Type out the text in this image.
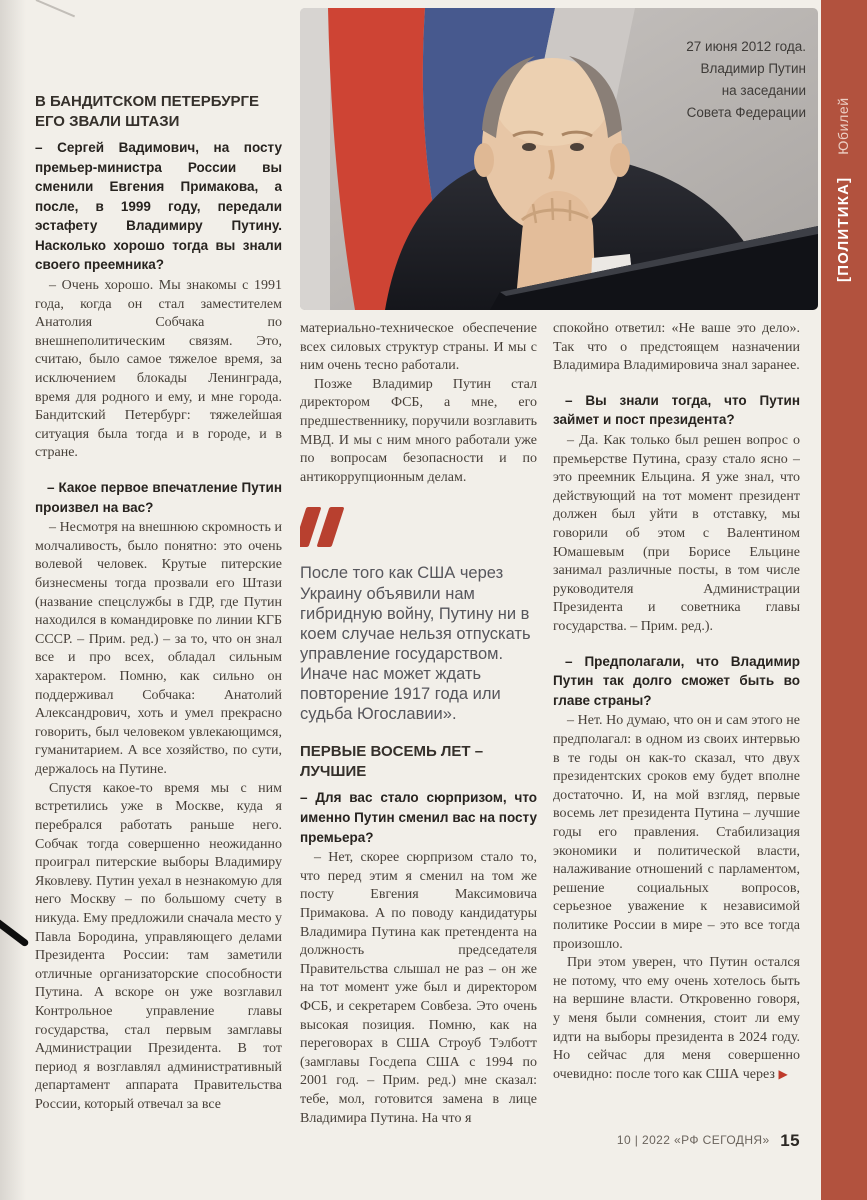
[ПОЛИТИКА]Юбилей
27 июня 2012 года.
Владимир Путин
на заседании
Совета Федерации
В БАНДИТСКОМ ПЕТЕРБУРГЕ ЕГО ЗВАЛИ ШТАЗИ

– Сергей Вадимович, на посту премьер-министра России вы сменили Евгения Примакова, а после, в 1999 году, передали эстафету Владимиру Путину. Насколько хорошо тогда вы знали своего преемника?

– Очень хорошо. Мы знакомы с 1991 года, когда он стал заместителем Анатолия Собчака по внешнеполитическим связям. Это, считаю, было самое тяжелое время, за исключением блокады Ленинграда, время для родного и ему, и мне города. Бандитский Петербург: тяжелейшая ситуация была тогда и в городе, и в стране.

– Какое первое впечатление Путин произвел на вас?

– Несмотря на внешнюю скромность и молчаливость, было понятно: это очень волевой человек. Крутые питерские бизнесмены тогда прозвали его Штази (название спецслужбы в ГДР, где Путин находился в командировке по линии КГБ СССР. – Прим. ред.) – за то, что он знал все и про всех, обладал сильным характером. Помню, как сильно он поддерживал Собчака: Анатолий Александрович, хоть и умел прекрасно говорить, был человеком увлекающимся, гуманитарием. А все хозяйство, по сути, держалось на Путине.

Спустя какое-то время мы с ним встретились уже в Москве, куда я перебрался работать раньше него. Собчак тогда совершенно неожиданно проиграл питерские выборы Владимиру Яковлеву. Путин уехал в незнакомую для него Москву – по большому счету в никуда. Ему предложили сначала место у Павла Бородина, управляющего делами Президента России: там заметили отличные организаторские способности Путина. А вскоре он уже возглавил Контрольное управление главы государства, стал первым замглавы Администрации Президента. В тот период я возглавлял административный департамент аппарата Правительства России, который отвечал за все

материально-техническое обеспечение всех силовых структур страны. И мы с ним очень тесно работали.

Позже Владимир Путин стал директором ФСБ, а мне, его предшественнику, поручили возглавить МВД. И мы с ним много работали уже по вопросам безопасности и по антикоррупционным делам.

После того как США через Украину объявили нам гибридную войну, Путину ни в коем случае нельзя отпускать управление государством. Иначе нас может ждать повторение 1917 года или судьба Югославии».

ПЕРВЫЕ ВОСЕМЬ ЛЕТ – ЛУЧШИЕ

– Для вас стало сюрпризом, что именно Путин сменил вас на посту премьера?

– Нет, скорее сюрпризом стало то, что перед этим я сменил на том же посту Евгения Максимовича Примакова. А по поводу кандидатуры Владимира Путина как претендента на должность председателя Правительства слышал не раз – он же на тот момент уже был и директором ФСБ, и секретарем Совбеза. Это очень высокая позиция. Помню, как на переговорах в США Строуб Тэлботт (замглавы Госдепа США с 1994 по 2001 год. – Прим. ред.) мне сказал: тебе, мол, готовится замена в лице Владимира Путина. На что я

спокойно ответил: «Не ваше это дело». Так что о предстоящем назначении Владимира Владимировича знал заранее.

– Вы знали тогда, что Путин займет и пост президента?

– Да. Как только был решен вопрос о премьерстве Путина, сразу стало ясно – это преемник Ельцина. Я уже знал, что действующий на тот момент президент должен был уйти в отставку, мы говорили об этом с Валентином Юмашевым (при Борисе Ельцине занимал различные посты, в том числе руководителя Администрации Президента и советника главы государства. – Прим. ред.).

– Предполагали, что Владимир Путин так долго сможет быть во главе страны?

– Нет. Но думаю, что он и сам этого не предполагал: в одном из своих интервью в те годы он как-то сказал, что двух президентских сроков ему будет вполне достаточно. И, на мой взгляд, первые восемь лет президента Путина – лучшие годы его правления. Стабилизация экономики и политической власти, налаживание отношений с парламентом, решение социальных вопросов, серьезное уважение к независимой политике России в мире – это все тогда произошло.

При этом уверен, что Путин остался не потому, что ему очень хотелось быть на вершине власти. Откровенно говоря, у меня были сомнения, стоит ли ему идти на выборы президента в 2024 году. Но сейчас для меня совершенно очевидно: после того как США через ▶

10 | 2022 «РФ СЕГОДНЯ» 15
